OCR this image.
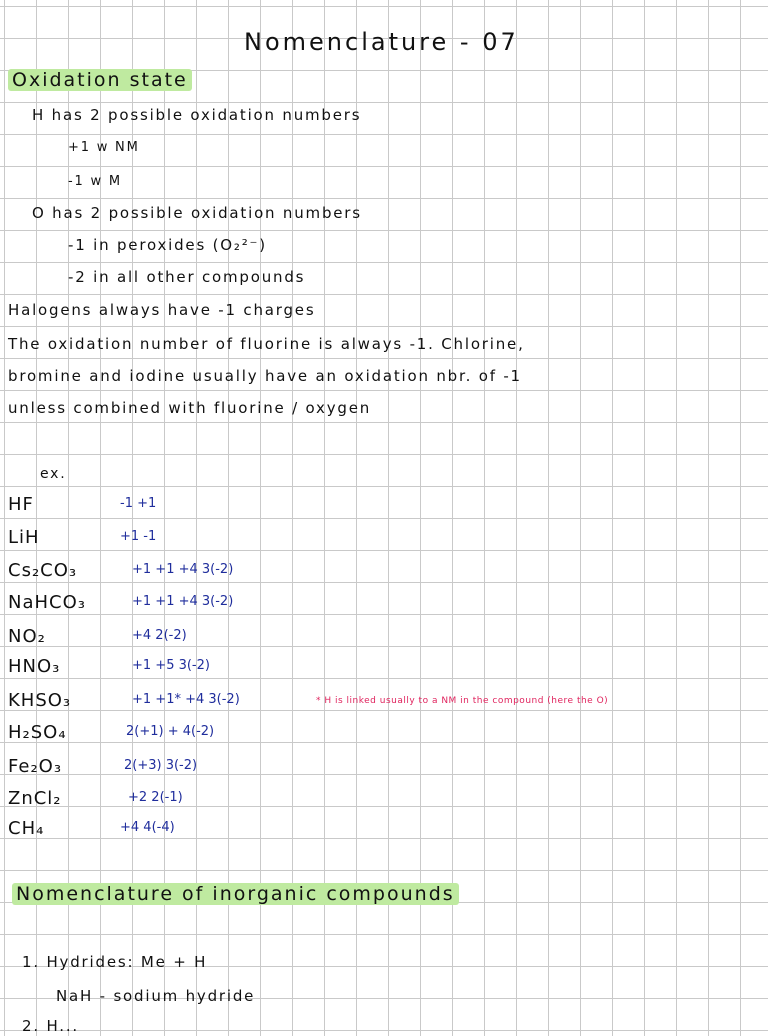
Nomenclature - 07
Oxidation state
H has 2 possible oxidation numbers
+1 w NM
-1 w M
O has 2 possible oxidation numbers
-1 in peroxides (O₂²⁻)
-2 in all other compounds
Halogens always have -1 charges
The oxidation number of fluorine is always -1. Chlorine,
bromine and iodine usually have an oxidation nbr. of -1
unless combined with fluorine / oxygen
ex.
HF	-1 +1
LiH	+1 -1
Cs₂CO₃	+1 +1 +4 3(-2)
NaHCO₃	+1 +1 +4 3(-2)
NO₂	+4 2(-2)
HNO₃	+1 +5 3(-2)
KHSO₃	+1 +1* +4 3(-2)	* H is linked usually to a NM in the compound (here the O)
H₂SO₄	2(+1) + 4(-2)
Fe₂O₃	2(+3) 3(-2)
ZnCl₂	+2 2(-1)
CH₄	+4 4(-4)
Nomenclature of inorganic compounds
1. Hydrides: Me + H
NaH - sodium hydride
2. H...
